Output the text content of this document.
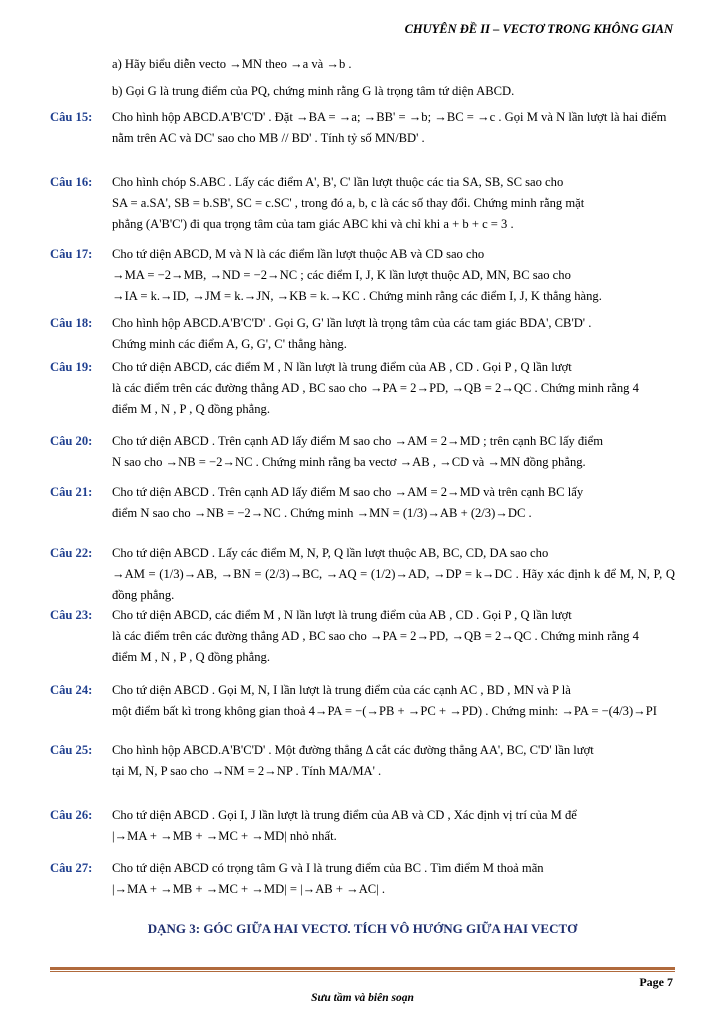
CHUYÊN ĐỀ II – VECTƠ TRONG KHÔNG GIAN
a) Hãy biểu diễn vecto →MN theo →a và →b .
b) Gọi G là trung điểm của PQ, chứng minh rằng G là trọng tâm tứ diện ABCD.
Câu 15:	Cho hình hộp ABCD.A'B'C'D' . Đặt →BA = →a; →BB' = →b; →BC = →c . Gọi M và N lần lượt là hai điểm

nằm trên AC và DC' sao cho MB // BD' . Tính tỷ số MN/BD' .

Câu 16:	Cho hình chóp S.ABC . Lấy các điểm A', B', C' lần lượt thuộc các tia SA, SB, SC sao cho

SA = a.SA', SB = b.SB', SC = c.SC' , trong đó a, b, c là các số thay đổi. Chứng minh rằng mặt

phẳng (A'B'C') đi qua trọng tâm của tam giác ABC khi và chỉ khi a + b + c = 3 .

Câu 17:	Cho tứ diện ABCD, M và N là các điểm lần lượt thuộc AB và CD sao cho

→MA = −2→MB, →ND = −2→NC ; các điểm I, J, K lần lượt thuộc AD, MN, BC sao cho

→IA = k.→ID, →JM = k.→JN, →KB = k.→KC . Chứng minh rằng các điểm I, J, K thẳng hàng.

Câu 18:	Cho hình hộp ABCD.A'B'C'D' . Gọi G, G' lần lượt là trọng tâm của các tam giác BDA', CB'D' .

Chứng minh các điểm A, G, G', C' thẳng hàng.

Câu 19:	Cho tứ diện ABCD, các điểm M , N lần lượt là trung điểm của AB , CD . Gọi P , Q lần lượt

là các điểm trên các đường thẳng AD , BC sao cho →PA = 2→PD, →QB = 2→QC . Chứng minh rằng 4

điểm M , N , P , Q đồng phẳng.

Câu 20:	Cho tứ diện ABCD . Trên cạnh AD lấy điểm M sao cho →AM = 2→MD ; trên cạnh BC lấy điểm

N sao cho →NB = −2→NC . Chứng minh rằng ba vectơ →AB , →CD và →MN đồng phẳng.

Câu 21:	Cho tứ diện ABCD . Trên cạnh AD lấy điểm M sao cho →AM = 2→MD và trên cạnh BC lấy

điểm N sao cho →NB = −2→NC . Chứng minh →MN = (1/3)→AB + (2/3)→DC .

Câu 22:	Cho tứ diện ABCD . Lấy các điểm M, N, P, Q lần lượt thuộc AB, BC, CD, DA sao cho

→AM = (1/3)→AB, →BN = (2/3)→BC, →AQ = (1/2)→AD, →DP = k→DC . Hãy xác định k để M, N, P, Q đồng phẳng.

Câu 23:	Cho tứ diện ABCD, các điểm M , N lần lượt là trung điểm của AB , CD . Gọi P , Q lần lượt

là các điểm trên các đường thẳng AD , BC sao cho →PA = 2→PD, →QB = 2→QC . Chứng minh rằng 4

điểm M , N , P , Q đồng phẳng.

Câu 24:	Cho tứ diện ABCD . Gọi M, N, I lần lượt là trung điểm của các cạnh AC , BD , MN và P là

một điểm bất kì trong không gian thoả 4→PA = −(→PB + →PC + →PD) . Chứng minh: →PA = −(4/3)→PI

Câu 25:	Cho hình hộp ABCD.A'B'C'D' . Một đường thẳng Δ cắt các đường thẳng AA', BC, C'D' lần lượt

tại M, N, P sao cho →NM = 2→NP . Tính MA/MA' .

Câu 26:	Cho tứ diện ABCD . Gọi I, J lần lượt là trung điểm của AB và CD , Xác định vị trí của M để

|→MA + →MB + →MC + →MD| nhỏ nhất.

Câu 27:	Cho tứ diện ABCD có trọng tâm G và I là trung điểm của BC . Tìm điểm M thoả mãn

|→MA + →MB + →MC + →MD| = |→AB + →AC| .

DẠNG 3: GÓC GIỮA HAI VECTƠ. TÍCH VÔ HƯỚNG GIỮA HAI VECTƠ
Page 7
Sưu tầm và biên soạn
